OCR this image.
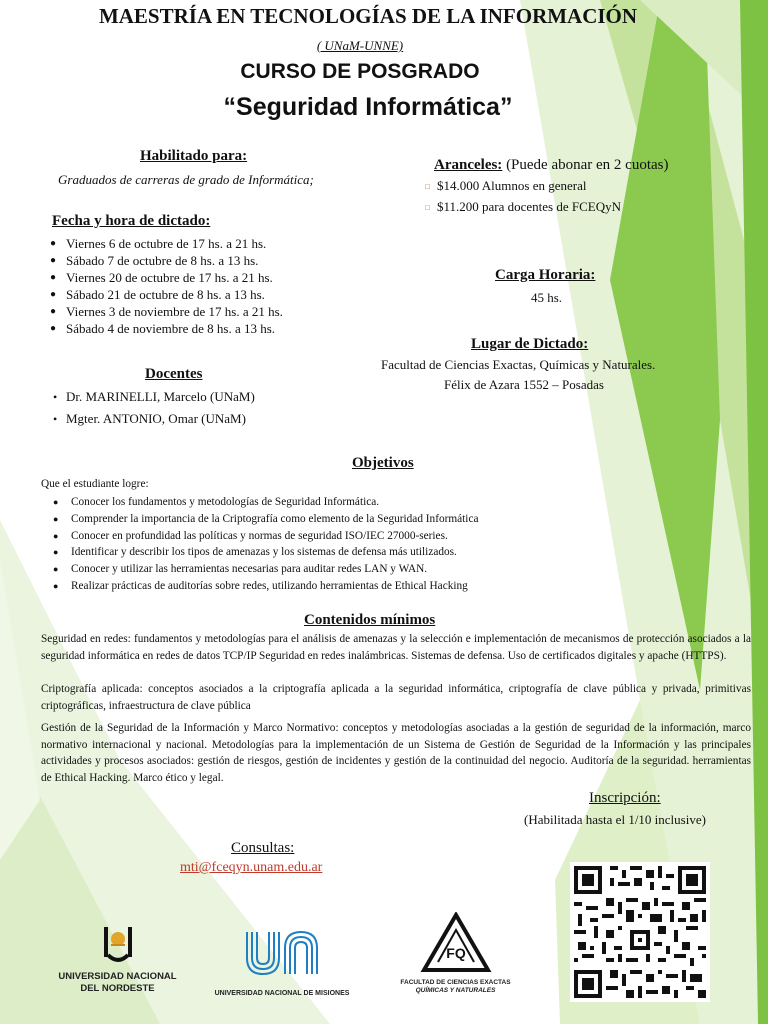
MAESTRÍA EN TECNOLOGÍAS DE LA INFORMACIÓN
( UNaM-UNNE)
CURSO DE POSGRADO
“Seguridad Informática”
Habilitado para:
Graduados de carreras de grado de Informática;
Aranceles: (Puede abonar en 2 cuotas)
□ $14.000 Alumnos en general
□ $11.200 para docentes de FCEQyN
Fecha y hora de dictado:
● Viernes 6 de octubre de 17 hs. a 21 hs.
● Sábado 7 de octubre de 8 hs. a 13 hs.
● Viernes 20 de octubre de 17 hs. a 21 hs.
● Sábado 21 de octubre de 8 hs. a 13 hs.
● Viernes 3 de noviembre de 17 hs. a 21 hs.
● Sábado 4 de noviembre de 8 hs. a 13 hs.
Carga Horaria:
45 hs.
Lugar de Dictado:
Facultad de Ciencias Exactas, Químicas y Naturales.
Félix de Azara 1552 – Posadas
Docentes
• Dr. MARINELLI, Marcelo (UNaM)
• Mgter. ANTONIO, Omar (UNaM)
Objetivos
Que el estudiante logre:
● Conocer los fundamentos y metodologías de Seguridad Informática.
● Comprender la importancia de la Criptografía como elemento de la Seguridad Informática
● Conocer en profundidad las políticas y normas de seguridad ISO/IEC 27000-series.
● Identificar y describir los tipos de amenazas y los sistemas de defensa más utilizados.
● Conocer y utilizar las herramientas necesarias para auditar redes LAN y WAN.
● Realizar prácticas de auditorías sobre redes, utilizando herramientas de Ethical Hacking
Contenidos mínimos

Seguridad en redes: fundamentos y metodologías para el análisis de amenazas y la selección e implementación de mecanismos de protección asociados a la seguridad informática en redes de datos TCP/IP Seguridad en redes inalámbricas. Sistemas de defensa. Uso de certificados digitales y apache (HTTPS).

Criptografía aplicada: conceptos asociados a la criptografía aplicada a la seguridad informática, criptografía de clave pública y privada, primitivas criptográficas, infraestructura de clave pública

Gestión de la Seguridad de la Información y Marco Normativo: conceptos y metodologías asociadas a la gestión de seguridad de la información, marco normativo internacional y nacional. Metodologías para la implementación de un Sistema de Gestión de Seguridad de la Información y las principales actividades y procesos asociados: gestión de riesgos, gestión de incidentes y gestión de la continuidad del negocio. Auditoría de la seguridad. herramientas de Ethical Hacking. Marco ético y legal.

Inscripción:
(Habilitada hasta el 1/10 inclusive)
Consultas:
mti@fceqyn.unam.edu.ar
UNIVERSIDAD NACIONAL
DEL NORDESTE	UNIVERSIDAD NACIONAL DE MISIONES
FQ
FACULTAD DE CIENCIAS EXACTAS
QUÍMICAS Y NATURALES
